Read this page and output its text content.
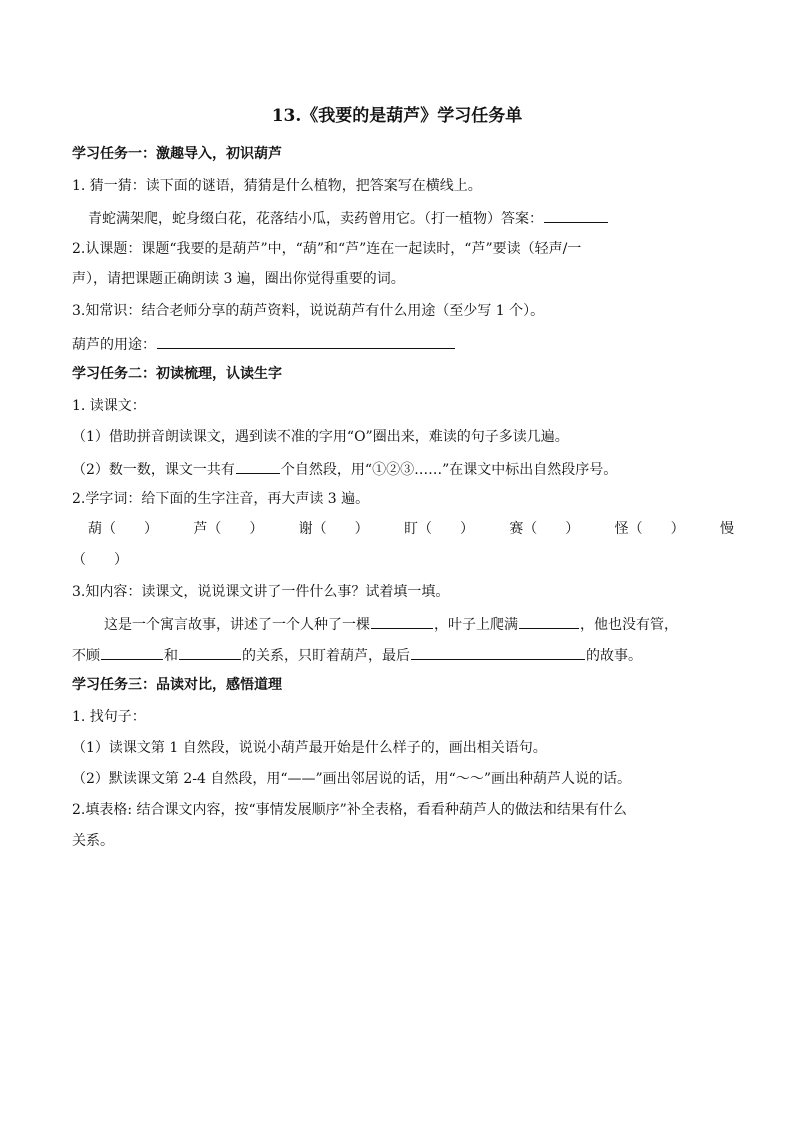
13.《我要的是葫芦》学习任务单
学习任务一：激趣导入，初识葫芦
1. 猜一猜：读下面的谜语，猜猜是什么植物，把答案写在横线上。
青蛇满架爬，蛇身缀白花，花落结小瓜，卖药曾用它。（打一植物）答案：
2.认课题：课题“我要的是葫芦”中，“葫”和“芦”连在一起读时，“芦”要读（轻声/一
声），请把课题正确朗读 3 遍，圈出你觉得重要的词。
3.知常识：结合老师分享的葫芦资料，说说葫芦有什么用途（至少写 1 个）。
葫芦的用途：
学习任务二：初读梳理，认读生字
1. 读课文：
（1）借助拼音朗读课文，遇到读不准的字用“O”圈出来，难读的句子多读几遍。
（2）数一数，课文一共有	个自然段，用“①②③……”在课文中标出自然段序号。
2.学字词：给下面的生字注音，再大声读 3 遍。
葫（　　）	芦（　　）	谢（　　）	盯（　　）	赛（　　）	怪（　　）	慢
（　　）
3.知内容：读课文，说说课文讲了一件什么事？试着填一填。
这是一个寓言故事，讲述了一个人种了一棵	，叶子上爬满	，他也没有管，
不顾	和	的关系，只盯着葫芦，最后	的故事。
学习任务三：品读对比，感悟道理
1. 找句子：
（1）读课文第 1 自然段，说说小葫芦最开始是什么样子的，画出相关语句。
（2）默读课文第 2-4 自然段，用“——”画出邻居说的话，用“～～”画出种葫芦人说的话。
2.填表格: 结合课文内容，按“事情发展顺序”补全表格，看看种葫芦人的做法和结果有什么
关系。
